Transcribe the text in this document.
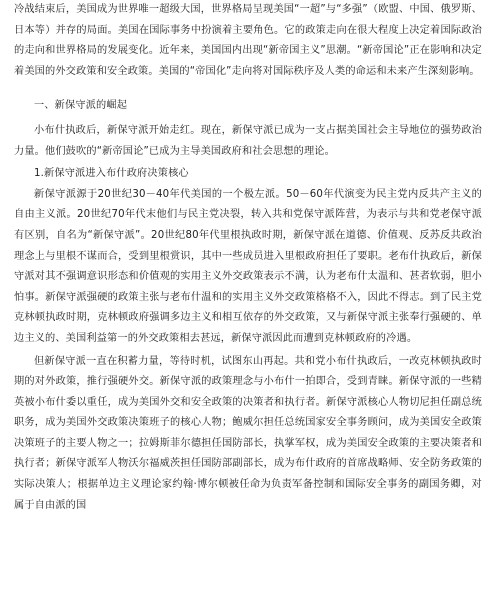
冷战结束后，美国成为世界唯一超级大国，世界格局呈现美国“一超”与“多强”（欧盟、中国、俄罗斯、日本等）并存的局面。美国在国际事务中扮演着主要角色。它的政策走向在很大程度上决定着国际政治的走向和世界格局的发展变化。近年来，美国国内出现“新帝国主义”思潮。“新帝国论”正在影响和决定着美国的外交政策和安全政策。美国的“帝国化”走向将对国际秩序及人类的命运和未来产生深刻影响。

一、新保守派的崛起

小布什执政后，新保守派开始走红。现在，新保守派已成为一支占据美国社会主导地位的强势政治力量。他们鼓吹的“新帝国论”已成为主导美国政府和社会思想的理论。

1.新保守派进入布什政府决策核心

新保守派源于20世纪30－40年代美国的一个极左派。50－60年代演变为民主党内反共产主义的自由主义派。20世纪70年代末他们与民主党决裂，转入共和党保守派阵营，为表示与共和党老保守派有区别，自名为“新保守派”。20世纪80年代里根执政时期，新保守派在道德、价值观、反苏反共政治理念上与里根不谋而合，受到里根赏识，其中一些成员进入里根政府担任了要职。老布什执政后，新保守派对其不强调意识形态和价值观的实用主义外交政策表示不满，认为老布什太温和、甚者软弱，胆小怕事。新保守派强硬的政策主张与老布什温和的实用主义外交政策格格不入，因此不得志。到了民主党克林顿执政时期，克林顿政府强调多边主义和相互依存的外交政策，又与新保守派主张奉行强硬的、单边主义的、美国利益第一的外交政策相去甚远，新保守派因此而遭到克林顿政府的冷遇。

但新保守派一直在积蓄力量，等待时机，试图东山再起。共和党小布什执政后，一改克林顿执政时期的对外政策，推行强硬外交。新保守派的政策理念与小布什一拍即合，受到青睐。新保守派的一些精英被小布什委以重任，成为美国外交和安全政策的决策者和执行者。新保守派核心人物切尼担任副总统职务，成为美国外交政策决策班子的核心人物；鲍威尔担任总统国家安全事务顾问，成为美国安全政策决策班子的主要人物之一；拉姆斯菲尔德担任国防部长，执掌军权，成为美国安全政策的主要决策者和执行者；新保守派军人物沃尔福威茨担任国防部副部长，成为布什政府的首席战略师、安全防务政策的实际决策人；根据单边主义理论家约翰·博尔顿被任命为负责军备控制和国际安全事务的副国务卿，对属于自由派的国
